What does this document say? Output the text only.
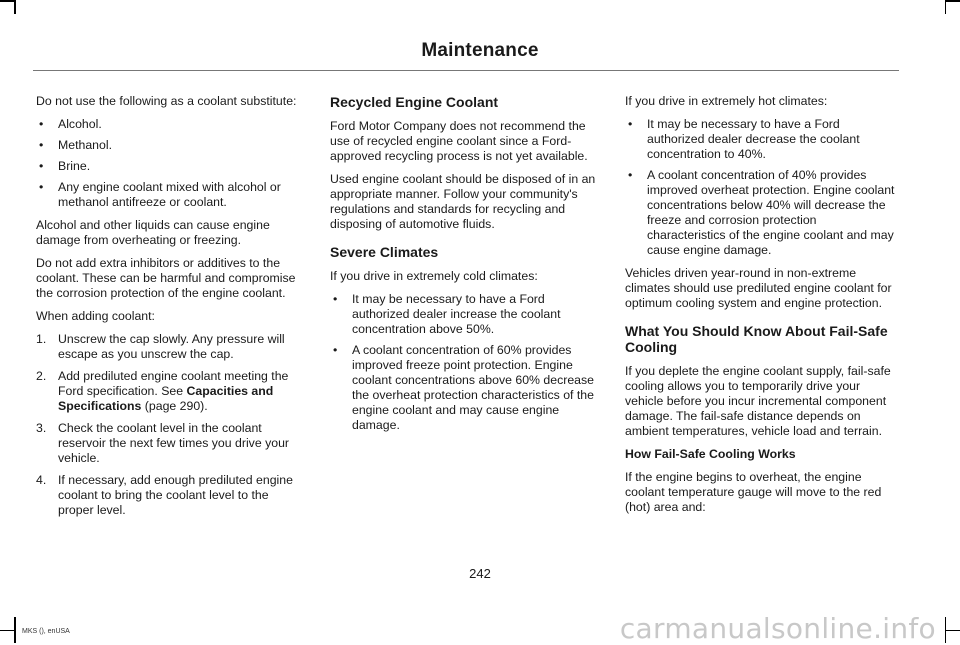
Maintenance

Do not use the following as a coolant substitute:

• Alcohol.
• Methanol.
• Brine.
• Any engine coolant mixed with alcohol or methanol antifreeze or coolant.

Alcohol and other liquids can cause engine damage from overheating or freezing.

Do not add extra inhibitors or additives to the coolant. These can be harmful and compromise the corrosion protection of the engine coolant.

When adding coolant:

1. Unscrew the cap slowly. Any pressure will escape as you unscrew the cap.
2. Add prediluted engine coolant meeting the Ford specification. See Capacities and Specifications (page 290).
3. Check the coolant level in the coolant reservoir the next few times you drive your vehicle.
4. If necessary, add enough prediluted engine coolant to bring the coolant level to the proper level.
Recycled Engine Coolant

Ford Motor Company does not recommend the use of recycled engine coolant since a Ford-approved recycling process is not yet available.

Used engine coolant should be disposed of in an appropriate manner. Follow your community's regulations and standards for recycling and disposing of automotive fluids.

Severe Climates

If you drive in extremely cold climates:

• It may be necessary to have a Ford authorized dealer increase the coolant concentration above 50%.
• A coolant concentration of 60% provides improved freeze point protection. Engine coolant concentrations above 60% decrease the overheat protection characteristics of the engine coolant and may cause engine damage.

If you drive in extremely hot climates:

• It may be necessary to have a Ford authorized dealer decrease the coolant concentration to 40%.
• A coolant concentration of 40% provides improved overheat protection. Engine coolant concentrations below 40% will decrease the freeze and corrosion protection characteristics of the engine coolant and may cause engine damage.

Vehicles driven year-round in non-extreme climates should use prediluted engine coolant for optimum cooling system and engine protection.

What You Should Know About Fail-Safe Cooling

If you deplete the engine coolant supply, fail-safe cooling allows you to temporarily drive your vehicle before you incur incremental component damage. The fail-safe distance depends on ambient temperatures, vehicle load and terrain.

How Fail-Safe Cooling Works

If the engine begins to overheat, the engine coolant temperature gauge will move to the red (hot) area and:

242
MKS (), enUSA	carmanualsonline.info
